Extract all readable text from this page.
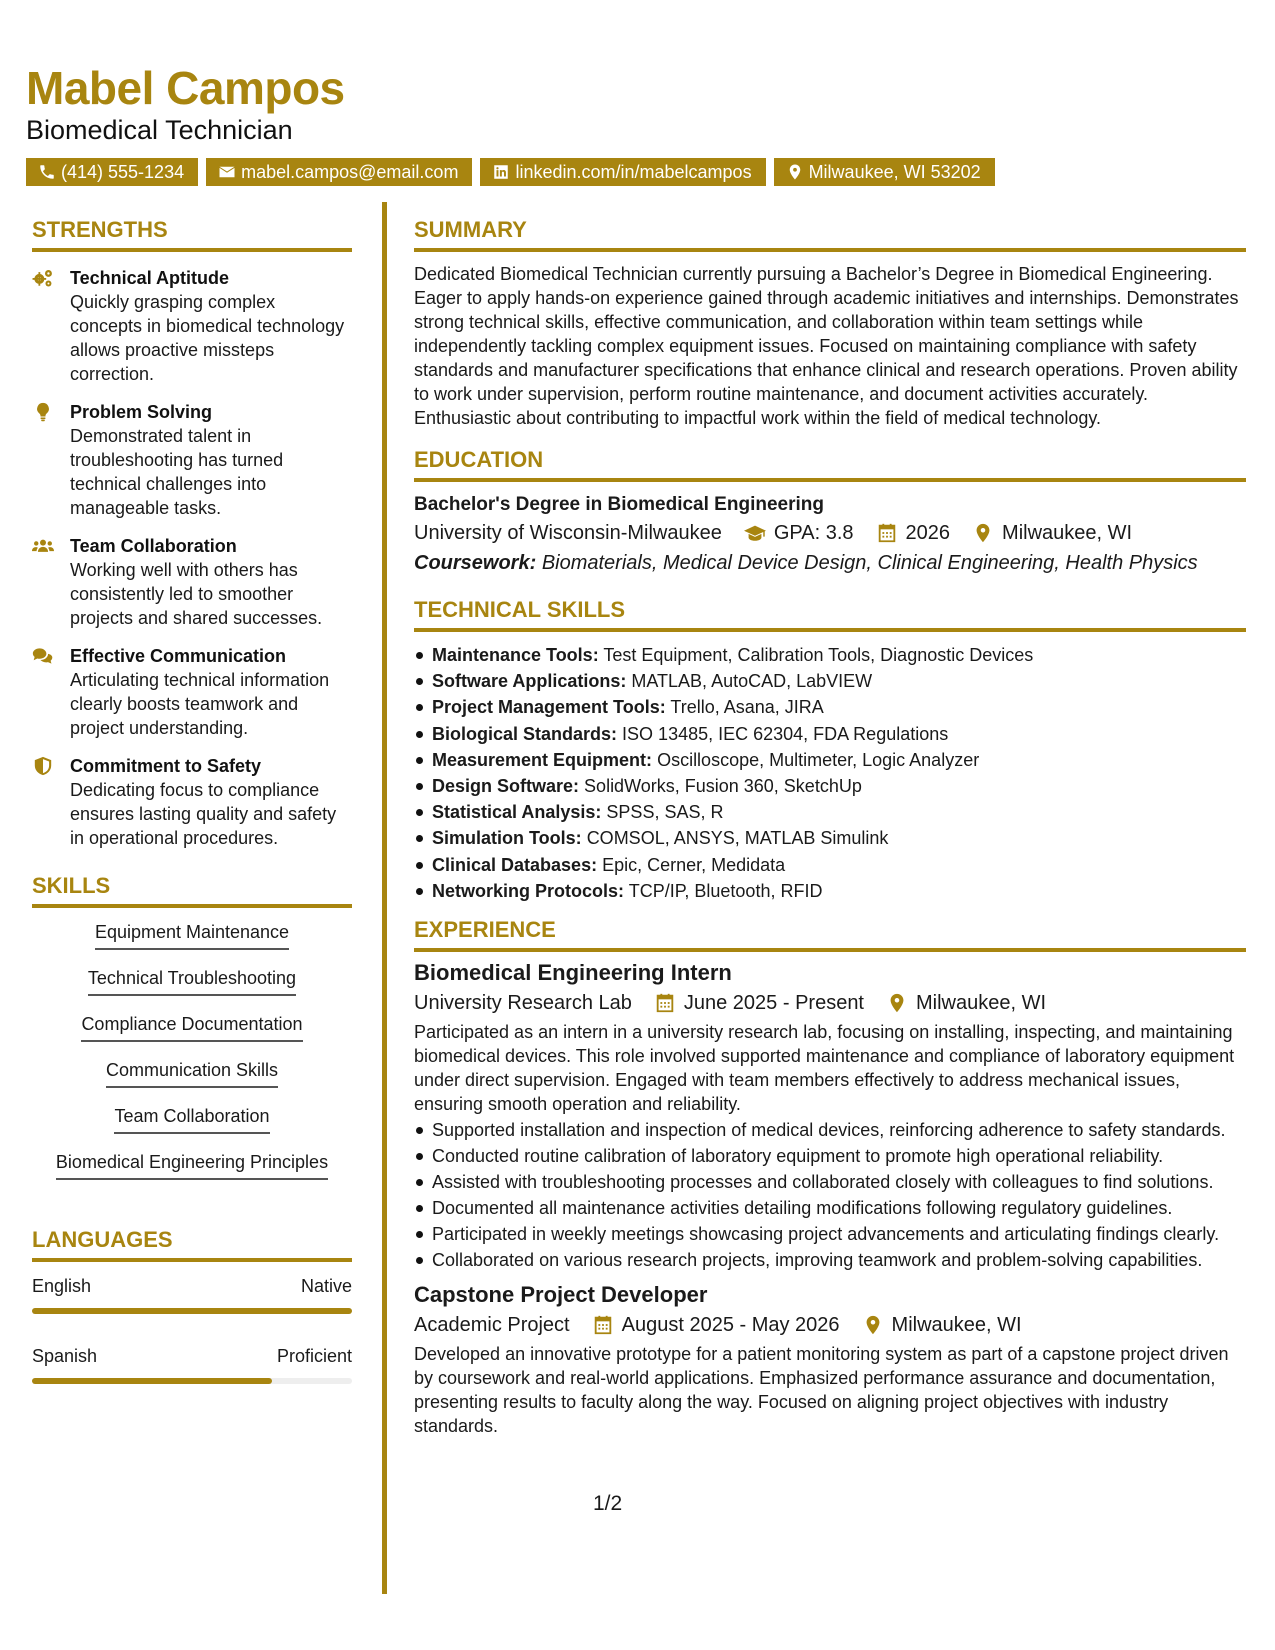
Mabel Campos
Biomedical Technician
(414) 555-1234	mabel.campos@email.com	linkedin.com/in/mabelcampos	Milwaukee, WI 53202
STRENGTHS
Technical Aptitude
Quickly grasping complex concepts in biomedical technology allows proactive missteps correction.
Problem Solving
Demonstrated talent in troubleshooting has turned technical challenges into manageable tasks.
Team Collaboration
Working well with others has consistently led to smoother projects and shared successes.
Effective Communication
Articulating technical information clearly boosts teamwork and project understanding.
Commitment to Safety
Dedicating focus to compliance ensures lasting quality and safety in operational procedures.
SKILLS
Equipment Maintenance
Technical Troubleshooting
Compliance Documentation
Communication Skills
Team Collaboration
Biomedical Engineering Principles
LANGUAGES
English	Native
Spanish	Proficient
SUMMARY
Dedicated Biomedical Technician currently pursuing a Bachelor’s Degree in Biomedical Engineering. Eager to apply hands-on experience gained through academic initiatives and internships. Demonstrates strong technical skills, effective communication, and collaboration within team settings while independently tackling complex equipment issues. Focused on maintaining compliance with safety standards and manufacturer specifications that enhance clinical and research operations. Proven ability to work under supervision, perform routine maintenance, and document activities accurately. Enthusiastic about contributing to impactful work within the field of medical technology.
EDUCATION
Bachelor's Degree in Biomedical Engineering
University of Wisconsin-Milwaukee	GPA: 3.8	2026	Milwaukee, WI
Coursework: Biomaterials, Medical Device Design, Clinical Engineering, Health Physics
TECHNICAL SKILLS
Maintenance Tools: Test Equipment, Calibration Tools, Diagnostic Devices
Software Applications: MATLAB, AutoCAD, LabVIEW
Project Management Tools: Trello, Asana, JIRA
Biological Standards: ISO 13485, IEC 62304, FDA Regulations
Measurement Equipment: Oscilloscope, Multimeter, Logic Analyzer
Design Software: SolidWorks, Fusion 360, SketchUp
Statistical Analysis: SPSS, SAS, R
Simulation Tools: COMSOL, ANSYS, MATLAB Simulink
Clinical Databases: Epic, Cerner, Medidata
Networking Protocols: TCP/IP, Bluetooth, RFID
EXPERIENCE
Biomedical Engineering Intern
University Research Lab	June 2025 - Present	Milwaukee, WI
Participated as an intern in a university research lab, focusing on installing, inspecting, and maintaining biomedical devices. This role involved supported maintenance and compliance of laboratory equipment under direct supervision. Engaged with team members effectively to address mechanical issues, ensuring smooth operation and reliability.
Supported installation and inspection of medical devices, reinforcing adherence to safety standards.
Conducted routine calibration of laboratory equipment to promote high operational reliability.
Assisted with troubleshooting processes and collaborated closely with colleagues to find solutions.
Documented all maintenance activities detailing modifications following regulatory guidelines.
Participated in weekly meetings showcasing project advancements and articulating findings clearly.
Collaborated on various research projects, improving teamwork and problem-solving capabilities.
Capstone Project Developer
Academic Project	August 2025 - May 2026	Milwaukee, WI
Developed an innovative prototype for a patient monitoring system as part of a capstone project driven by coursework and real-world applications. Emphasized performance assurance and documentation, presenting results to faculty along the way. Focused on aligning project objectives with industry standards.
1/2
